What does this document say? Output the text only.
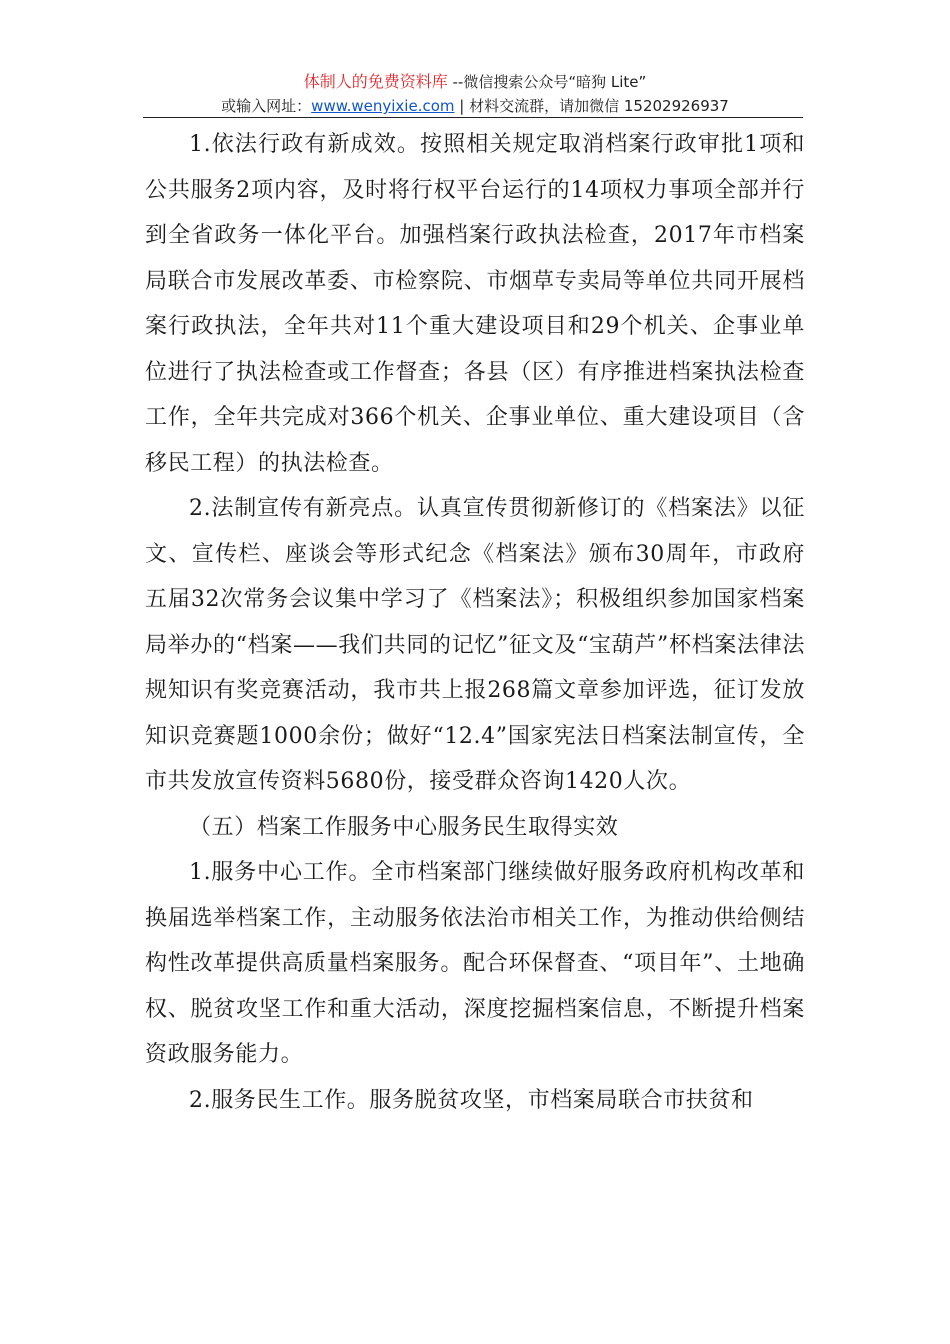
体制人的免费资料库 --微信搜索公众号“暗狗 Lite”
或输入网址：www.wenyixie.com | 材料交流群，请加微信 15202926937

1.依法行政有新成效。按照相关规定取消档案行政审批1项和公共服务2项内容，及时将行权平台运行的14项权力事项全部并行到全省政务一体化平台。加强档案行政执法检查，2017年市档案局联合市发展改革委、市检察院、市烟草专卖局等单位共同开展档案行政执法，全年共对11个重大建设项目和29个机关、企事业单位进行了执法检查或工作督查；各县（区）有序推进档案执法检查工作，全年共完成对366个机关、企事业单位、重大建设项目（含移民工程）的执法检查。

2.法制宣传有新亮点。认真宣传贯彻新修订的《档案法》以征文、宣传栏、座谈会等形式纪念《档案法》颁布30周年，市政府五届32次常务会议集中学习了《档案法》；积极组织参加国家档案局举办的“档案——我们共同的记忆”征文及“宝葫芦”杯档案法律法规知识有奖竞赛活动，我市共上报268篇文章参加评选，征订发放知识竞赛题1000余份；做好“12.4”国家宪法日档案法制宣传，全市共发放宣传资料5680份，接受群众咨询1420人次。

（五）档案工作服务中心服务民生取得实效

1.服务中心工作。全市档案部门继续做好服务政府机构改革和换届选举档案工作，主动服务依法治市相关工作，为推动供给侧结构性改革提供高质量档案服务。配合环保督查、“项目年”、土地确权、脱贫攻坚工作和重大活动，深度挖掘档案信息，不断提升档案资政服务能力。

2.服务民生工作。服务脱贫攻坚，市档案局联合市扶贫和
